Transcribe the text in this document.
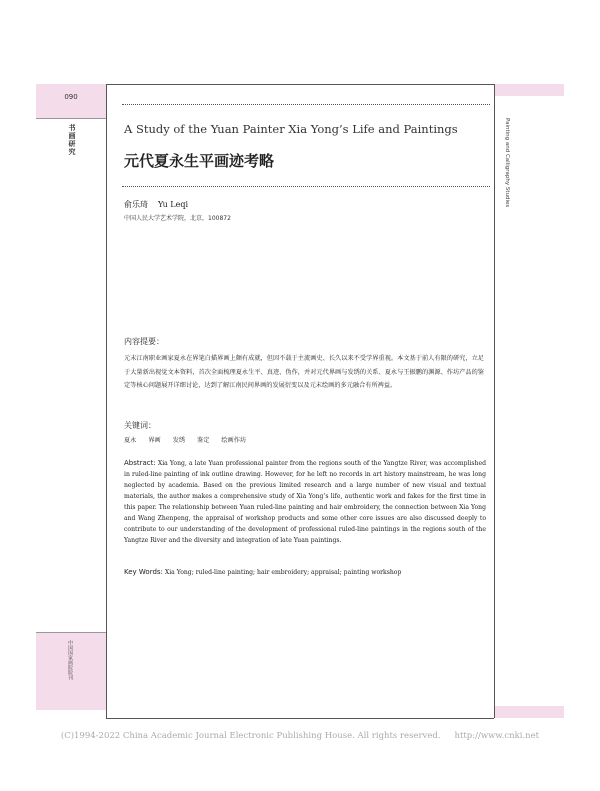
090
书画研究	Painting and Calligraphy Studies
中国国家画院院刊
A Study of the Yuan Painter Xia Yong’s Life and Paintings
元代夏永生平画迹考略
俞乐琦 Yu Leqi
中国人民大学艺术学院，北京，100872
内容提要：
元末江南职业画家夏永在界笔白描界画上颇有成就，但因不载于主流画史、长久以来不受学界重视。本文基于前人有限的研究，立足于大量新出视觉文本资料，首次全面梳理夏永生平、真迹、伪作，并对元代界画与发绣的关系、夏永与王振鹏的渊源、作坊产品的鉴定等核心问题展开详细讨论，达到了解江南民间界画的发展衍变以及元末绘画的多元融合有所裨益。
关键词：
夏永 界画 发绣 鉴定 绘画作坊
Abstract: Xia Yong, a late Yuan professional painter from the regions south of the Yangtze River, was accomplished in ruled-line painting of ink outline drawing. However, for he left no records in art history mainstream, he was long neglected by academia. Based on the previous limited research and a large number of new visual and textual materials, the author makes a comprehensive study of Xia Yong’s life, authentic work and fakes for the first time in this paper. The relationship between Yuan ruled-line painting and hair embroidery, the connection between Xia Yong and Wang Zhenpeng, the appraisal of workshop products and some other core issues are also discussed deeply to contribute to our understanding of the development of professional ruled-line paintings in the regions south of the Yangtze River and the diversity and integration of late Yuan paintings.
Key Words: Xia Yong; ruled-line painting; hair embroidery; appraisal; painting workshop
(C)1994-2022 China Academic Journal Electronic Publishing House. All rights reserved. http://www.cnki.net
